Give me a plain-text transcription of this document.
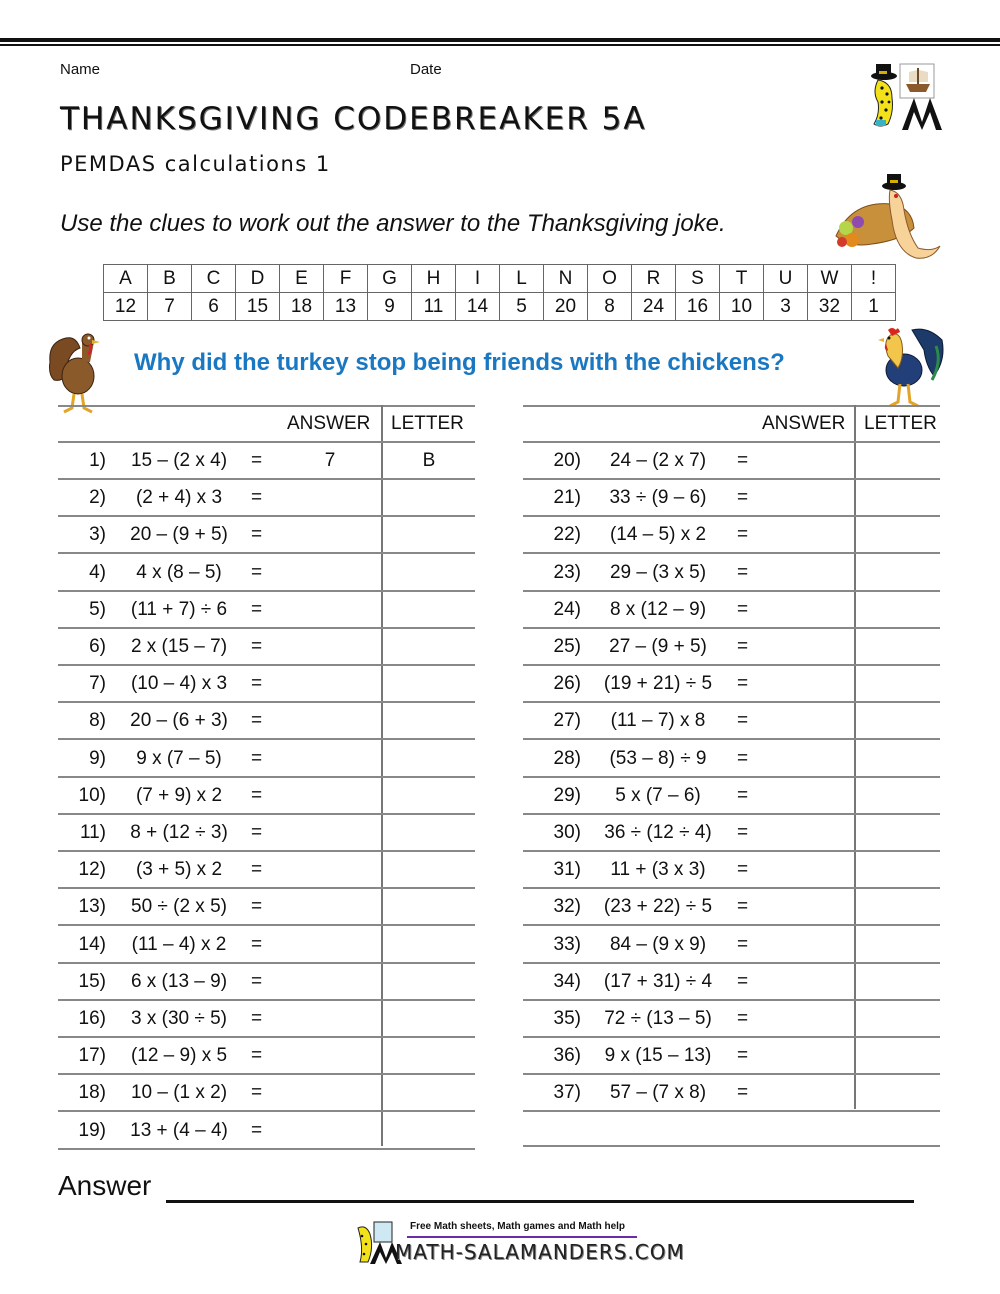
Name	Date
THANKSGIVING CODEBREAKER 5A
PEMDAS calculations 1
Use the clues to work out the answer to the Thanksgiving joke.
A	B	C	D	E	F	G	H	I	L	N	O	R	S	T	U	W	!
12	7	6	15	18	13	9	11	14	5	20	8	24	16	10	3	32	1
Why did the turkey stop being friends with the chickens?
ANSWER LETTER
1)	15 – (2 x 4)	=	7	B
2)	(2 + 4) x 3	=
3)	20 – (9 + 5)	=
4)	4 x (8 – 5)	=
5)	(11 + 7) ÷ 6	=
6)	2 x (15 – 7)	=
7)	(10 – 4) x 3	=
8)	20 – (6 + 3)	=
9)	9 x (7 – 5)	=
10)	(7 + 9) x 2	=
11)	8 + (12 ÷ 3)	=
12)	(3 + 5) x 2	=
13)	50 ÷ (2 x 5)	=
14)	(11 – 4) x 2	=
15)	6 x (13 – 9)	=
16)	3 x (30 ÷ 5)	=
17)	(12 – 9) x 5	=
18)	10 – (1 x 2)	=
19)	13 + (4 – 4)	=
ANSWER LETTER
20)	24 – (2 x 7)	=
21)	33 ÷ (9 – 6)	=
22)	(14 – 5) x 2	=
23)	29 – (3 x 5)	=
24)	8 x (12 – 9)	=
25)	27 – (9 + 5)	=
26)	(19 + 21) ÷ 5	=
27)	(11 – 7) x 8	=
28)	(53 – 8) ÷ 9	=
29)	5 x (7 – 6)	=
30)	36 ÷ (12 ÷ 4)	=
31)	11 + (3 x 3)	=
32)	(23 + 22) ÷ 5	=
33)	84 – (9 x 9)	=
34)	(17 + 31) ÷ 4	=
35)	72 ÷ (13 – 5)	=
36)	9 x (15 – 13)	=
37)	57 – (7 x 8)	=
Answer
Free Math sheets, Math games and Math help
MATH-SALAMANDERS.COM
